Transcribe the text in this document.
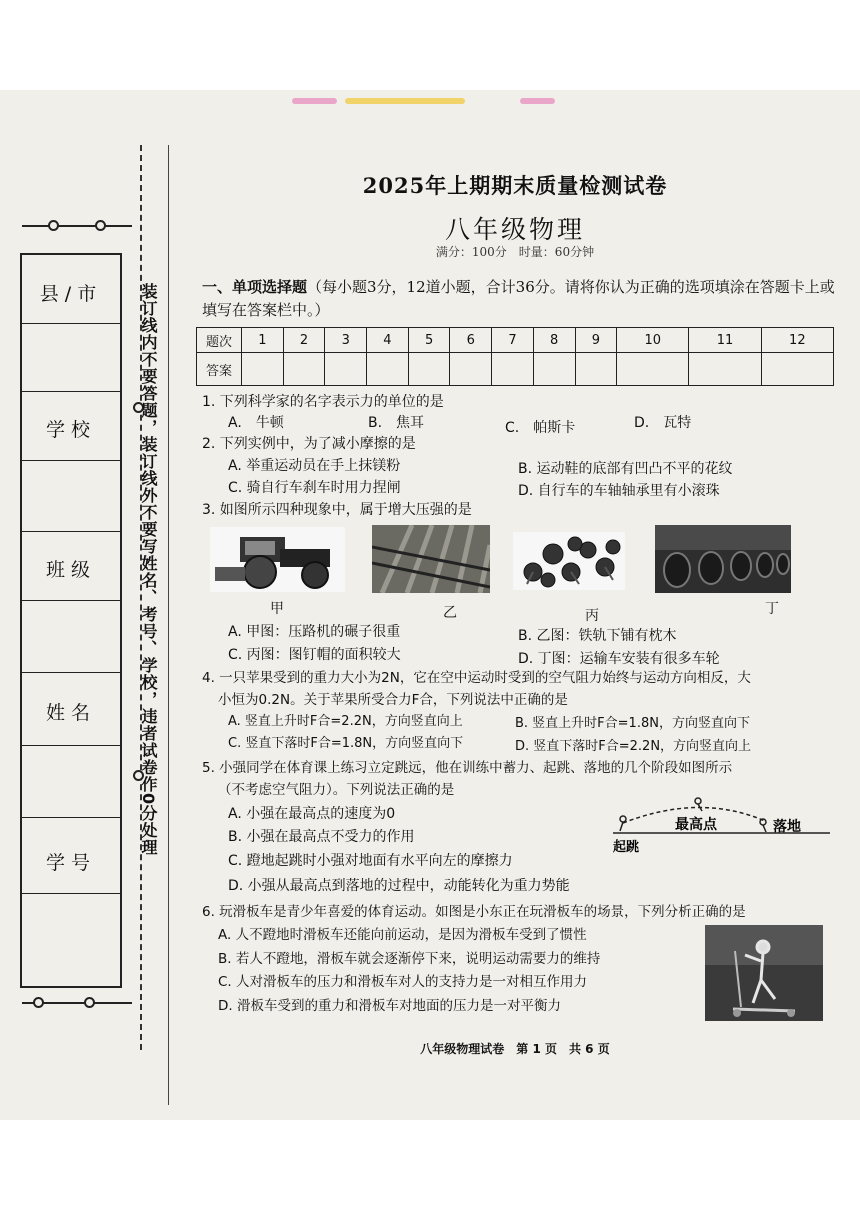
县/市
学校
班级
姓名
学号
装订线内不要答题，装订线外不要写姓名、考号、学校，违者试卷作0分处理
2025年上期期末质量检测试卷
八年级物理
满分：100分　时量：60分钟
一、单项选择题（每小题3分，12道小题，合计36分。请将你认为正确的选项填涂在答题卡上或填写在答案栏中。）
题次	1	2	3	4	5	6	7	8	9	10	11	12
答案												
1. 下列科学家的名字表示力的单位的是
A.　牛顿	B.　焦耳	C.　帕斯卡	D.　瓦特
2. 下列实例中，为了减小摩擦的是
A. 举重运动员在手上抹镁粉	B. 运动鞋的底部有凹凸不平的花纹
C. 骑自行车刹车时用力捏闸	D. 自行车的车轴轴承里有小滚珠
3. 如图所示四种现象中，属于增大压强的是
甲	乙	丙	丁
A. 甲图：压路机的碾子很重	B. 乙图：铁轨下铺有枕木
C. 丙图：图钉帽的面积较大	D. 丁图：运输车安装有很多车轮
4. 一只苹果受到的重力大小为2N，它在空中运动时受到的空气阻力始终与运动方向相反，大
小恒为0.2N。关于苹果所受合力F合，下列说法中正确的是
A. 竖直上升时F合=2.2N，方向竖直向上	B. 竖直上升时F合=1.8N，方向竖直向下
C. 竖直下落时F合=1.8N，方向竖直向下	D. 竖直下落时F合=2.2N，方向竖直向上
5. 小强同学在体育课上练习立定跳远，他在训练中蓄力、起跳、落地的几个阶段如图所示
（不考虑空气阻力）。下列说法正确的是
A. 小强在最高点的速度为0
B. 小强在最高点不受力的作用
C. 蹬地起跳时小强对地面有水平向左的摩擦力
D. 小强从最高点到落地的过程中，动能转化为重力势能
最高点	落地
起跳
6. 玩滑板车是青少年喜爱的体育运动。如图是小东正在玩滑板车的场景，下列分析正确的是
A. 人不蹬地时滑板车还能向前运动，是因为滑板车受到了惯性
B. 若人不蹬地，滑板车就会逐渐停下来，说明运动需要力的维持
C. 人对滑板车的压力和滑板车对人的支持力是一对相互作用力
D. 滑板车受到的重力和滑板车对地面的压力是一对平衡力
八年级物理试卷　第 1 页　共 6 页
